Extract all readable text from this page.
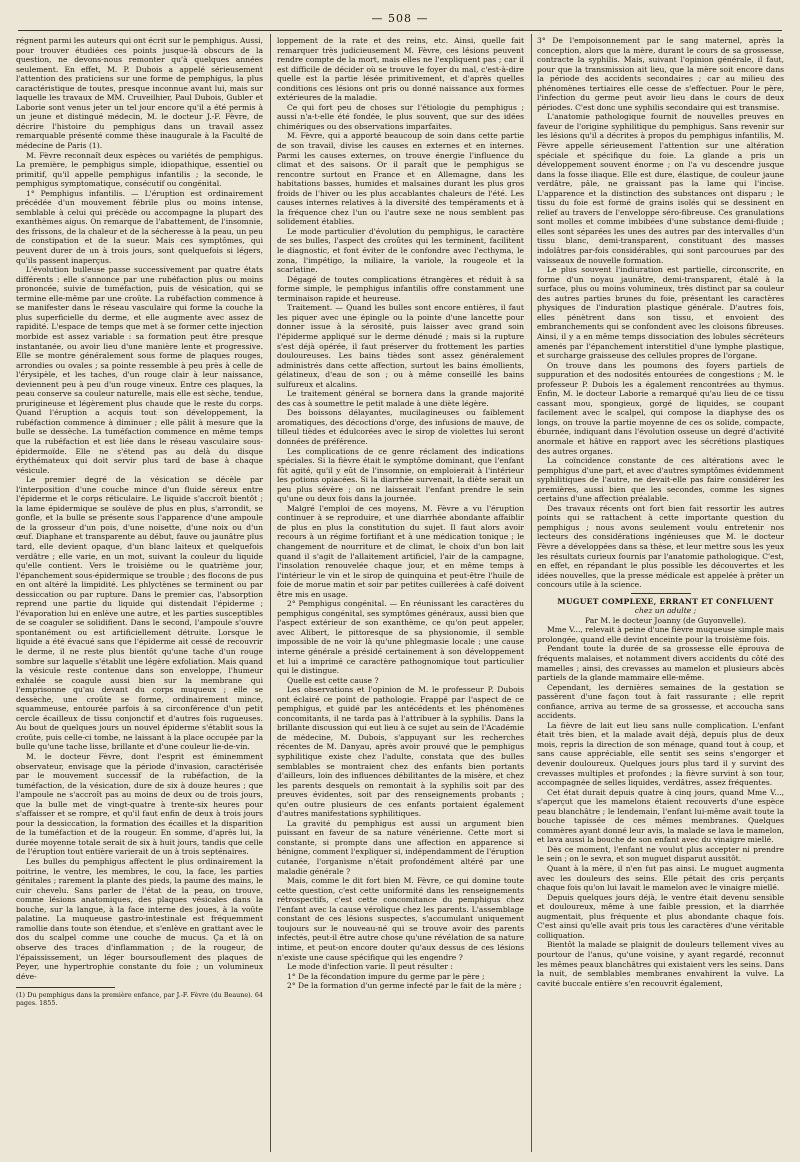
— 508 —

régnent parmi les auteurs qui ont écrit sur le pemphigus. Aussi, pour trouver étudiées ces points jusque-là obscurs de la question, ne devons-nous remonter qu'à quelques années seulement. En effet, M. P. Dubois a appelé sérieusement l'attention des praticiens sur une forme de pemphigus, la plus caractéristique de toutes, presque inconnue avant lui, mais sur laquelle les travaux de MM. Cruveilhier, Paul Dubois, Gubler et Laborie sont venus jeter un tel jour encore qu'il a été permis à un jeune et distingué médecin, M. le docteur J.-F. Fèvre, de décrire l'histoire du pemphigus dans un travail assez remarquable présenté comme thèse inaugurale à la Faculté de médecine de Paris (1).

M. Fèvre reconnaît deux espèces ou variétés de pemphigus. La première, le pemphigus simple, idiopathique, essentiel ou primitif, qu'il appelle pemphigus infantilis ; la seconde, le pemphigus symptomatique, consécutif ou congénital.

1° Pemphigus infantilis. — L'éruption est ordinairement précédée d'un mouvement fébrile plus ou moins intense, semblable à celui qui précède ou accompagne la plupart des exanthèmes aigus. On remarque de l'abattement, de l'insomnie, des frissons, de la chaleur et de la sécheresse à la peau, un peu de constipation et de la sueur. Mais ces symptômes, qui peuvent durer de un à trois jours, sont quelquefois si légers, qu'ils passent inaperçus.

L'évolution bulleuse passe successivement par quatre états différents : elle s'annonce par une rubéfaction plus ou moins prononcée, suivie de tuméfaction, puis de vésication, qui se termine elle-même par une croûte. La rubéfaction commence à se manifester dans le réseau vasculaire qui forme la couche la plus superficielle du derme, et elle augmente avec assez de rapidité. L'espace de temps que met à se former cette injection morbide est assez variable : sa formation peut être presque instantanée, ou avoir lieu d'une manière lente et progressive. Elle se montre généralement sous forme de plaques rouges, arrondies ou ovales ; sa pointe ressemble à peu près à celle de l'érysipèle, et les taches, d'un rouge clair à leur naissance, deviennent peu à peu d'un rouge vineux. Entre ces plaques, la peau conserve sa couleur naturelle, mais elle est sèche, tendue, prurigineuse et légèrement plus chaude que le reste du corps. Quand l'éruption a acquis tout son développement, la rubéfaction commence à diminuer ; elle pâlit à mesure que la bulle se dessèche. La tuméfaction commence en même temps que la rubéfaction et est liée dans le réseau vasculaire sous-épidermoïde. Elle ne s'étend pas au delà du disque érythémateux qui doit servir plus tard de base à chaque vésicule.

Le premier degré de la vésication se décèle par l'interposition d'une couche mince d'un fluide séreux entre l'épiderme et le corps réticulaire. Le liquide s'accroît bientôt ; la lame épidermique se soulève de plus en plus, s'arrondit, se gonfle, et la bulle se présente sous l'apparence d'une ampoule de la grosseur d'un pois, d'une noisette, d'une noix ou d'un œuf. Diaphane et transparente au début, fauve ou jaunâtre plus tard, elle devient opaque, d'un blanc laiteux et quelquefois verdâtre ; elle varie, en un mot, suivant la couleur du liquide qu'elle contient. Vers le troisième ou le quatrième jour, l'épanchement sous-épidermique se trouble ; des flocons de pus en ont altéré la limpidité. Les phlyctènes se terminent ou par dessiccation ou par rupture. Dans le premier cas, l'absorption reprend une partie du liquide qui distendait l'épiderme ; l'évaporation lui en enlève une autre, et les parties susceptibles de se coaguler se solidifient. Dans le second, l'ampoule s'ouvre spontanément ou est artificiellement détruite. Lorsque le liquide a été évacué sans que l'épiderme ait cessé de recouvrir le derme, il ne reste plus bientôt qu'une tache d'un rouge sombre sur laquelle s'établit une légère exfoliation. Mais quand la vésicule reste contenue dans son enveloppe, l'humeur exhalée se coagule aussi bien sur la membrane qui l'emprisonne qu'au devant du corps muqueux ; elle se dessèche, une croûte se forme, ordinairement mince, squammeuse, entourée parfois à sa circonférence d'un petit cercle écailleux de tissu conjonctif et d'autres fois rugueuses. Au bout de quelques jours un nouvel épiderme s'établit sous la croûte, puis celle-ci tombe, ne laissant à la place occupée par la bulle qu'une tache lisse, brillante et d'une couleur lie-de-vin.

M. le docteur Fèvre, dont l'esprit est éminemment observateur, envisage que la période d'invasion, caractérisée par le mouvement successif de la rubéfaction, de la tuméfaction, de la vésication, dure de six à douze heures ; que l'ampoule ne s'accroît pas au moins de deux ou de trois jours, que la bulle met de vingt-quatre à trente-six heures pour s'affaisser et se rompre, et qu'il faut enfin de deux à trois jours pour la dessiccation, la formation des écailles et la disparition de la tuméfaction et de la rougeur. En somme, d'après lui, la durée moyenne totale serait de six à huit jours, tandis que celle de l'éruption tout entière varierait de un à trois septénaires.

Les bulles du pemphigus affectent le plus ordinairement la poitrine, le ventre, les membres, le cou, la face, les parties génitales ; rarement la plante des pieds, la paume des mains, le cuir chevelu. Sans parler de l'état de la peau, on trouve, comme lésions anatomiques, des plaques vésicales dans la bouche, sur la langue, à la face interne des joues, à la voûte palatine. La muqueuse gastro-intestinale est fréquemment ramollie dans toute son étendue, et s'enlève en grattant avec le dos du scalpel comme une couche de mucus. Ça et là on observe des traces d'inflammation ; de la rougeur, de l'épaississement, un léger boursouflement des plaques de Peyer, une hypertrophie constante du foie ; un volumineux déve-

(1) Du pemphigus dans la première enfance, par J.-F. Fèvre (du Beaune). 64 pages. 1855.

loppement de la rate et des reins, etc. Ainsi, quelle fait remarquer très judicieusement M. Fèvre, ces lésions peuvent rendre compte de la mort, mais elles ne l'expliquent pas ; car il est difficile de décider où se trouve le foyer du mal, c'est-à-dire quelle est la partie lésée primitivement, et d'après quelles conditions ces lésions ont pris ou donné naissance aux formes extérieures de la maladie.

Ce qui fort peu de choses sur l'étiologie du pemphigus ; aussi n'a-t-elle été fondée, le plus souvent, que sur des idées chimériques ou des observations imparfaites.

M. Fèvre, qui a apporté beaucoup de soin dans cette partie de son travail, divise les causes en externes et en internes. Parmi les causes externes, on trouve énergie l'influence du climat et des saisons. Or il paraît que le pemphigus se rencontre surtout en France et en Allemagne, dans les habitations basses, humides et malsaines durant les plus gros froids de l'hiver ou les plus accablantes chaleurs de l'été. Les causes internes relatives à la diversité des tempéraments et à la fréquence chez l'un ou l'autre sexe ne nous semblent pas solidement établies.

Le mode particulier d'évolution du pemphigus, le caractère de ses bulles, l'aspect des croûtes qui les terminent, facilitent le diagnostic, et font éviter de le confondre avec l'ecthyma, le zona, l'impétigo, la miliaire, la variole, la rougeole et la scarlatine.

Dégagé de toutes complications étrangères et réduit à sa forme simple, le pemphigus infantilis offre constamment une terminaison rapide et heureuse.

Traitement. — Quand les bulles sont encore entières, il faut les piquer avec une épingle ou la pointe d'une lancette pour donner issue à la sérosité, puis laisser avec grand soin l'épiderme appliqué sur le derme dénudé ; mais si la rupture s'est déjà opérée, il faut préserver du frottement les parties douloureuses. Les bains tièdes sont assez généralement administrés dans cette affection, surtout les bains émollients, gélatineux, d'eau de son ; ou à même conseillé les bains sulfureux et alcalins.

Le traitement général se bornera dans la grande majorité des cas à soumettre le petit malade à une diète légère.

Des boissons délayantes, mucilagineuses ou faiblement aromatiques, des décoctions d'orge, des infusions de mauve, de tilleul tièdes et édulcorées avec le sirop de violettes lui seront données de préférence.

Les complications de ce genre réclament des indications spéciales. Si la fièvre était le symptôme dominant, que l'enfant fût agité, qu'il y eût de l'insomnie, on emploierait à l'intérieur les potions opiacées. Si la diarrhée survenait, la diète serait un peu plus sévère ; on ne laisserait l'enfant prendre le sein qu'une ou deux fois dans la journée.

Malgré l'emploi de ces moyens, M. Fèvre a vu l'éruption continuer à se reproduire, et une diarrhée abondante affaiblir de plus en plus la constitution du sujet. Il faut alors avoir recours à un régime fortifiant et à une médication tonique ; le changement de nourriture et de climat, le choix d'un bon lait quand il s'agit de l'allaitement artificiel, l'air de la campagne, l'insolation renouvelée chaque jour, et en même temps à l'intérieur le vin et le sirop de quinquina et peut-être l'huile de foie de morue matin et soir par petites cuillerées à café doivent être mis en usage.

2° Pemphigus congénital. — En réunissant les caractères du pemphigus congénital, ses symptômes généraux, aussi bien que l'aspect extérieur de son exanthème, ce qu'on peut appeler, avec Alibert, le pittoresque de sa physionomie, il semble impossible de ne voir là qu'une phlegmasie locale ; une cause interne générale a présidé certainement à son développement et lui a imprimé ce caractère pathognomique tout particulier qui le distingue.

Quelle est cette cause ?

Les observations et l'opinion de M. le professeur P. Dubois ont éclairé ce point de pathologie. Frappé par l'aspect de ce pemphigus, et guidé par les antécédents et les phénomènes concomitants, il ne tarda pas à l'attribuer à la syphilis. Dans la brillante discussion qui eut lieu à ce sujet au sein de l'Académie de médecine, M. Dubois, s'appuyant sur les recherches récentes de M. Danyau, après avoir prouvé que le pemphigus syphilitique existe chez l'adulte, constata que des bulles semblables se montraient chez des enfants bien portants d'ailleurs, loin des influences débilitantes de la misère, et chez les parents desquels on remontait à la syphilis soit par des preuves évidentes, soit par des renseignements probants ; qu'en outre plusieurs de ces enfants portaient également d'autres manifestations syphilitiques.

La gravité du pemphigus est aussi un argument bien puissant en faveur de sa nature vénérienne. Cette mort si constante, si prompte dans une affection en apparence si bénigne, comment l'expliquer si, indépendamment de l'éruption cutanée, l'organisme n'était profondément altéré par une maladie générale ?

Mais, comme le dit fort bien M. Fèvre, ce qui domine toute cette question, c'est cette uniformité dans les renseignements rétrospectifs, c'est cette concomitance du pemphigus chez l'enfant avec la cause vérolique chez les parents. L'assemblage constant de ces lésions suspectes, s'accumulant uniquement toujours sur le nouveau-né qui se trouve avoir des parents infectés, peut-il être autre chose qu'une révélation de sa nature intime, et peut-on encore douter qu'aux dessus de ces lésions n'existe une cause spécifique qui les engendre ?

Le mode d'infection varie. Il peut résulter :

1° De la fécondation impure du germe par le père ;

2° De la formation d'un germe infecté par le fait de la mère ;

3° De l'empoisonnement par le sang maternel, après la conception, alors que la mère, durant le cours de sa grossesse, contracte la syphilis. Mais, suivant l'opinion générale, il faut, pour que la transmission ait lieu, que la mère soit encore dans la période des accidents secondaires ; car au milieu des phénomènes tertiaires elle cesse de s'effectuer. Pour le père, l'infection du germe peut avoir lieu dans le cours de deux périodes. C'est donc une syphilis secondaire qui est transmise.

L'anatomie pathologique fournit de nouvelles preuves en faveur de l'origine syphilitique du pemphigus. Sans revenir sur les lésions qu'il a décrites à propos du pemphigus infantilis, M. Fèvre appelle sérieusement l'attention sur une altération spéciale et spécifique du foie. La glande a pris un développement souvent énorme ; on l'a vu descendre jusque dans la fosse iliaque. Elle est dure, élastique, de couleur jaune verdâtre, pâle, ne graissant pas la lame qui l'incise. L'apparence et la distinction des substances ont disparu ; le tissu du foie est formé de grains isolés qui se dessinent en relief au travers de l'enveloppe séro-fibreuse. Ces granulations sont molles et comme imbibées d'une substance demi-fluide ; elles sont séparées les unes des autres par des intervalles d'un tissu blanc, demi-transparent, constituant des masses indolâtres par-fois considérables, qui sont parcourues par des vaisseaux de nouvelle formation.

Le plus souvent l'indiuration est partielle, circonscrite, en forme d'un noyau jaunâtre, demi-transparent, étalé à la surface, plus ou moins volumineux, très distinct par sa couleur des autres parties brunes du foie, présentant les caractères physiques de l'induration plastique générale. D'autres fois, elles pénètrent dans son tissu, et envoient des embranchements qui se confondent avec les cloisons fibreuses. Ainsi, il y a en même temps dissociation des lobules sécréteurs amenés par l'épanchement interstitiel d'une lymphe plastique, et surcharge graisseuse des cellules propres de l'organe.

On trouve dans les poumons des foyers partiels de suppuration et des nodosités entourées de congestions ; M. le professeur P. Dubois les a également rencontrées au thymus. Enfin, M. le docteur Laborie a remarqué qu'au lieu de ce tissu cassant mou, spongieux, gorgé de liquides, se coupant facilement avec le scalpel, qui compose la diaphyse des os longs, on trouve la partie moyenne de ces os solide, compacte, éburnée, indiquant dans l'évolution osseuse un degré d'activité anormale et hâtive en rapport avec les sécrétions plastiques des autres organes.

La coïncidence constante de ces altérations avec le pemphigus d'une part, et avec d'autres symptômes évidemment syphilitiques de l'autre, ne devait-elle pas faire considérer les premières, aussi bien que les secondes, comme les signes certains d'une affection préalable.

Des travaux récents ont fort bien fait ressortir les autres points qui se rattachent à cette importante question du pemphigus ; nous avons seulement voulu entretenir nos lecteurs des considérations ingénieuses que M. le docteur Fèvre a développées dans sa thèse, et leur mettre sous les yeux les résultats curieux fournis par l'anatomie pathologique. C'est, en effet, en répandant le plus possible les découvertes et les idées nouvelles, que la presse médicale est appelée à prêter un concours utile à la science.

MUGUET COMPLEXE, ERRANT ET CONFLUENT

chez un adulte ;

Par M. le docteur Joanny (de Guyonvelle).

Mme V..., relevait à peine d'une fièvre muqueuse simple mais prolongée, quand elle devint enceinte pour la troisième fois.

Pendant toute la durée de sa grossesse elle éprouva de fréquents malaises, et notamment divers accidents du côté des mamelles ; ainsi, des crevasses au mamelon et plusieurs abcès partiels de la glande mammaire elle-même.

Cependant, les dernières semaines de la gestation se passèrent d'une façon tout à fait rassurante ; elle reprit confiance, arriva au terme de sa grossesse, et accoucha sans accidents.

La fièvre de lait eut lieu sans nulle complication. L'enfant était très bien, et la malade avait déjà, depuis plus de deux mois, repris la direction de son ménage, quand tout à coup, et sans cause appréciable, elle sentit ses seins s'engorger et devenir douloureux. Quelques jours plus tard il y survint des crevasses multiples et profondes ; la fièvre survint à son tour, accompagnée de selles liquides, verdâtres, assez fréquentes.

Cet état durait depuis quatre à cinq jours, quand Mme V..., s'aperçut que les mamelons étaient recouverts d'une espèce peau blanchâtre ; le lendemain, l'enfant lui-même avait toute la bouche tapissée de ces mêmes membranes. Quelques commères ayant donné leur avis, la malade se lava le mamelon, et lava aussi la bouche de son enfant avec du vinaigre miellé.

Dès ce moment, l'enfant ne voulut plus accepter ni prendre le sein ; on le sevra, et son muguet disparut aussitôt.

Quant à la mère, il n'en fut pas ainsi. Le muguet augmenta avec les douleurs des seins. Elle pétait des cris perçants chaque fois qu'on lui lavait le mamelon avec le vinaigre miellé.

Depuis quelques jours déjà, le ventre était devenu sensible et douloureux, même à une faible pression, et la diarrhée augmentait, plus fréquente et plus abondante chaque fois. C'est ainsi qu'elle avait pris tous les caractères d'une véritable colliquation.

Bientôt la malade se plaignit de douleurs tellement vives au pourtour de l'anus, qu'une voisine, y ayant regardé, reconnut les mêmes peaux blanchâtres qui existaient vers les seins. Dans la nuit, de semblables membranes envahirent la vulve. La cavité buccale entière s'en recouvrit également,
